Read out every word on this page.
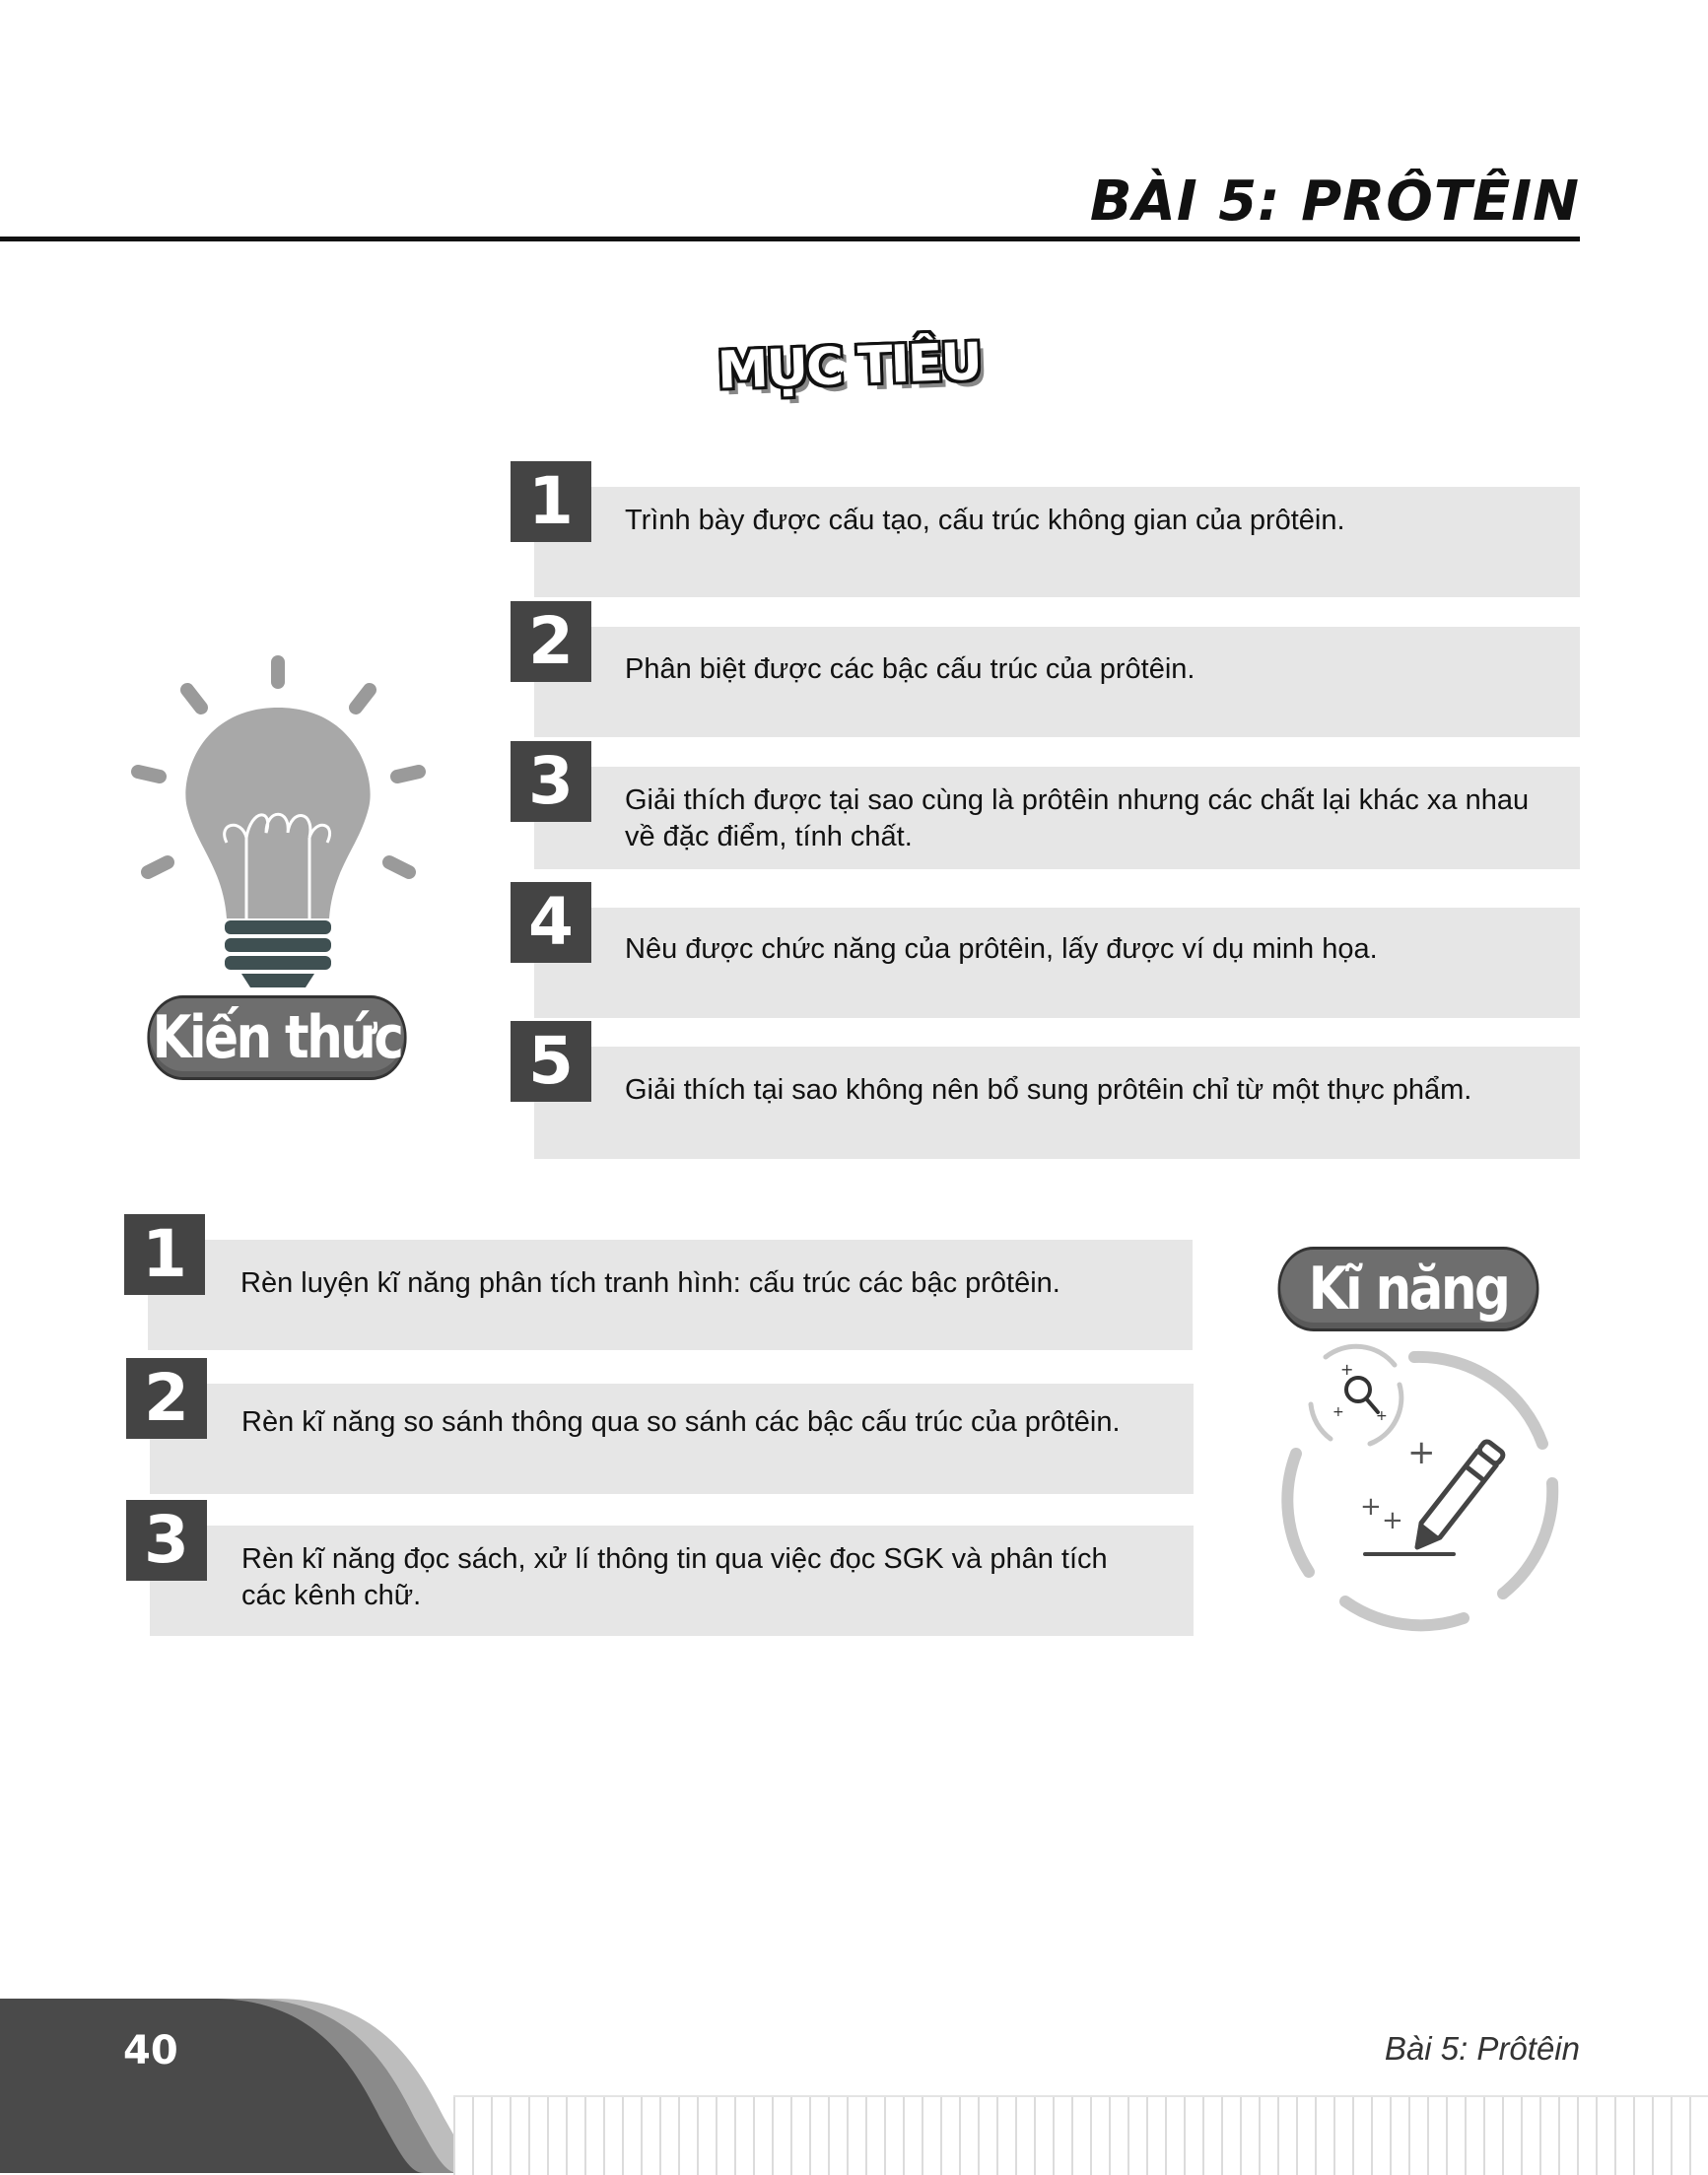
BÀI 5: PRÔTÊIN
MỤC TIÊU
Kiến thức
1	Trình bày được cấu tạo, cấu trúc không gian của prôtêin.
2	Phân biệt được các bậc cấu trúc của prôtêin.
3	Giải thích được tại sao cùng là prôtêin nhưng các chất lại khác xa nhau về đặc điểm, tính chất.
4	Nêu được chức năng của prôtêin, lấy được ví dụ minh họa.
5	Giải thích tại sao không nên bổ sung prôtêin chỉ từ một thực phẩm.
1	Rèn luyện kĩ năng phân tích tranh hình: cấu trúc các bậc prôtêin.
2	Rèn kĩ năng so sánh thông qua so sánh các bậc cấu trúc của prôtêin.
3	Rèn kĩ năng đọc sách, xử lí thông tin qua việc đọc SGK và phân tích các kênh chữ.
Kĩ năng
+
+ +
+
+ +
40	Bài 5: Prôtêin
